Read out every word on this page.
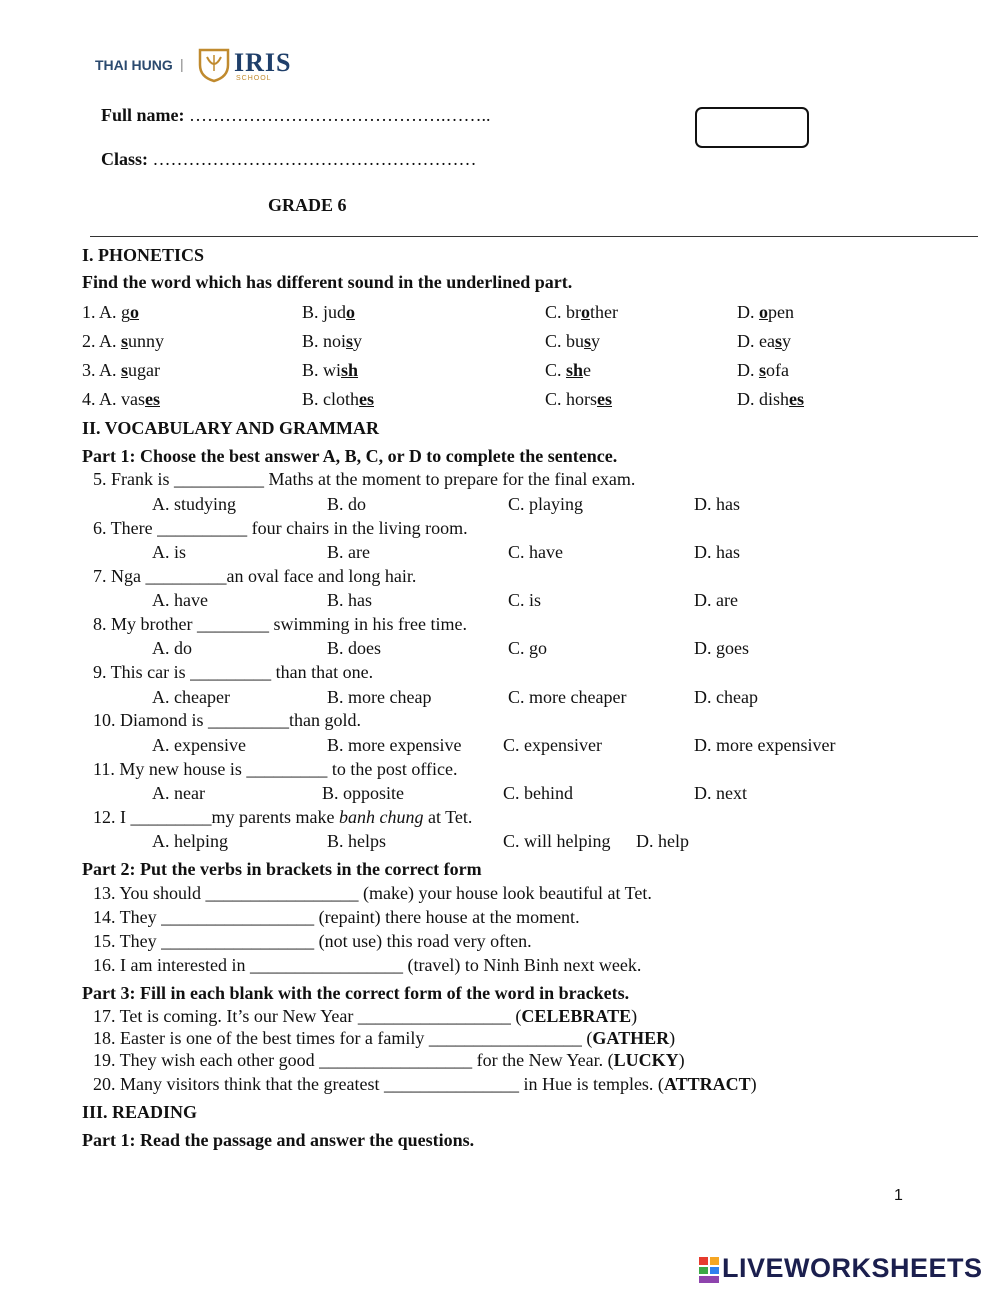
THAI HUNG | IRIS
SCHOOL
Full name: …………………………………….……..
Class: ………………………………………………
GRADE 6
I. PHONETICS
Find the word which has different sound in the underlined part.
1. A. go	B. judo	C. brother	D. open
2. A. sunny	B. noisy	C. busy	D. easy
3. A. sugar	B. wish	C. she	D. sofa
4. A. vases	B. clothes	C. horses	D. dishes
II. VOCABULARY AND GRAMMAR
Part 1: Choose the best answer A, B, C, or D to complete the sentence.
5. Frank is __________ Maths at the moment to prepare for the final exam.
A. studying	B. do	C. playing	D. has
6. There __________ four chairs in the living room.
A. is	B. are	C. have	D. has
7. Nga _________an oval face and long hair.
A. have	B. has	C. is	D. are
8. My brother ________ swimming in his free time.
A. do	B. does	C. go	D. goes
9. This car is _________ than that one.
A. cheaper	B. more cheap	C. more cheaper	D. cheap
10. Diamond is _________than gold.
A. expensive	B. more expensive C. expensiver	D. more expensiver
11. My new house is _________ to the post office.
A. near	B. opposite	C. behind	D. next
12. I _________my parents make banh chung at Tet.
A. helping	B. helps	C. will helping D. help
Part 2: Put the verbs in brackets in the correct form
13. You should _________________ (make) your house look beautiful at Tet.
14. They _________________ (repaint) there house at the moment.
15. They _________________ (not use) this road very often.
16. I am interested in _________________ (travel) to Ninh Binh next week.
Part 3: Fill in each blank with the correct form of the word in brackets.
17. Tet is coming. It’s our New Year _________________ (CELEBRATE)
18. Easter is one of the best times for a family _________________ (GATHER)
19. They wish each other good _________________ for the New Year. (LUCKY)
20. Many visitors think that the greatest _______________ in Hue is temples. (ATTRACT)
III. READING
Part 1: Read the passage and answer the questions.
1
LIVEWORKSHEETS
